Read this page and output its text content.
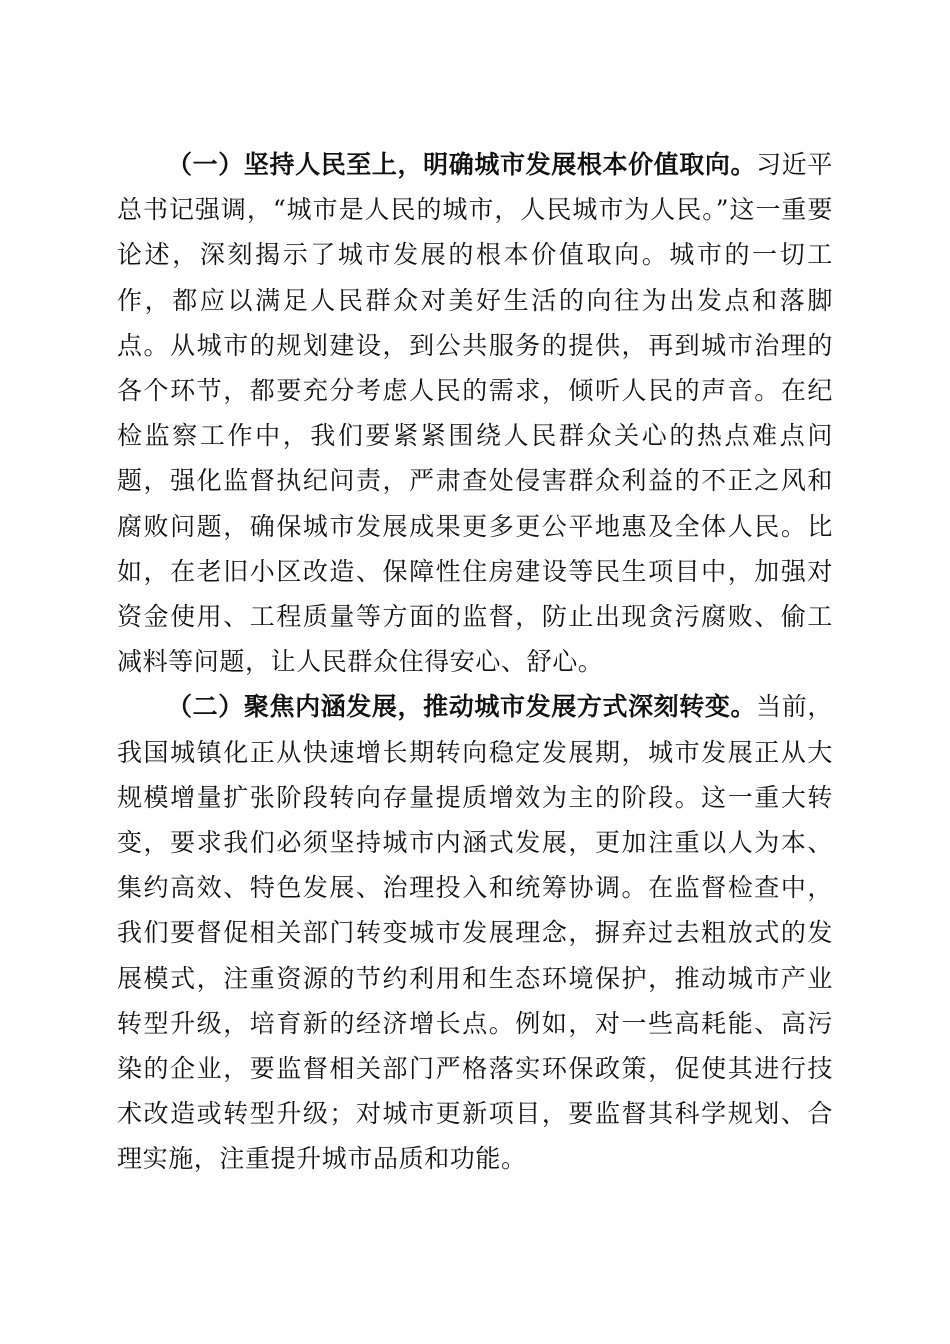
（一）坚持人民至上，明确城市发展根本价值取向。习近平总书记强调，“城市是人民的城市，人民城市为人民。”这一重要论述，深刻揭示了城市发展的根本价值取向。城市的一切工作，都应以满足人民群众对美好生活的向往为出发点和落脚点。从城市的规划建设，到公共服务的提供，再到城市治理的各个环节，都要充分考虑人民的需求，倾听人民的声音。在纪检监察工作中，我们要紧紧围绕人民群众关心的热点难点问题，强化监督执纪问责，严肃查处侵害群众利益的不正之风和腐败问题，确保城市发展成果更多更公平地惠及全体人民。比如，在老旧小区改造、保障性住房建设等民生项目中，加强对资金使用、工程质量等方面的监督，防止出现贪污腐败、偷工减料等问题，让人民群众住得安心、舒心。

（二）聚焦内涵发展，推动城市发展方式深刻转变。当前，我国城镇化正从快速增长期转向稳定发展期，城市发展正从大规模增量扩张阶段转向存量提质增效为主的阶段。这一重大转变，要求我们必须坚持城市内涵式发展，更加注重以人为本、集约高效、特色发展、治理投入和统筹协调。在监督检查中，我们要督促相关部门转变城市发展理念，摒弃过去粗放式的发展模式，注重资源的节约利用和生态环境保护，推动城市产业转型升级，培育新的经济增长点。例如，对一些高耗能、高污染的企业，要监督相关部门严格落实环保政策，促使其进行技术改造或转型升级；对城市更新项目，要监督其科学规划、合理实施，注重提升城市品质和功能。
